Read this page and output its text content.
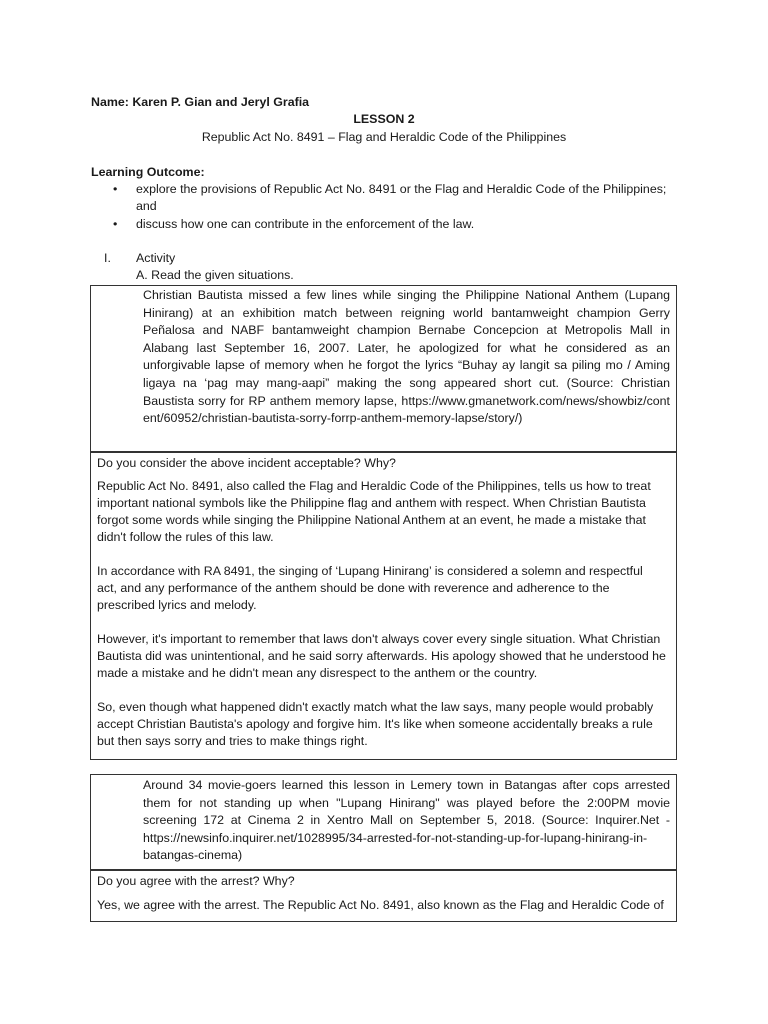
Name: Karen P. Gian and Jeryl Grafia
LESSON 2
Republic Act No. 8491 – Flag and Heraldic Code of the Philippines
Learning Outcome:
• explore the provisions of Republic Act No. 8491 or the Flag and Heraldic Code of the Philippines; and
• discuss how one can contribute in the enforcement of the law.
I. Activity
A. Read the given situations.
Christian Bautista missed a few lines while singing the Philippine National Anthem (Lupang Hinirang) at an exhibition match between reigning world bantamweight champion Gerry Peñalosa and NABF bantamweight champion Bernabe Concepcion at Metropolis Mall in Alabang last September 16, 2007. Later, he apologized for what he considered as an unforgivable lapse of memory when he forgot the lyrics “Buhay ay langit sa piling mo / Aming ligaya na ‘pag may mang-aapi” making the song appeared short cut. (Source: Christian Baustista sorry for RP anthem memory lapse, https://www.gmanetwork.com/news/showbiz/content/60952/christian-bautista-sorry-forrp-anthem-memory-lapse/story/)
Do you consider the above incident acceptable? Why?

Republic Act No. 8491, also called the Flag and Heraldic Code of the Philippines, tells us how to treat important national symbols like the Philippine flag and anthem with respect. When Christian Bautista forgot some words while singing the Philippine National Anthem at an event, he made a mistake that didn't follow the rules of this law.

In accordance with RA 8491, the singing of ‘Lupang Hinirang’ is considered a solemn and respectful act, and any performance of the anthem should be done with reverence and adherence to the prescribed lyrics and melody.

However, it's important to remember that laws don't always cover every single situation. What Christian Bautista did was unintentional, and he said sorry afterwards. His apology showed that he understood he made a mistake and he didn't mean any disrespect to the anthem or the country.

So, even though what happened didn't exactly match what the law says, many people would probably accept Christian Bautista's apology and forgive him. It's like when someone accidentally breaks a rule but then says sorry and tries to make things right.

Around 34 movie-goers learned this lesson in Lemery town in Batangas after cops arrested them for not standing up when "Lupang Hinirang" was played before the 2:00PM movie screening 172 at Cinema 2 in Xentro Mall on September 5, 2018. (Source: Inquirer.Net - https://newsinfo.inquirer.net/1028995/34-arrested-for-not-standing-up-for-lupang-hinirang-in-batangas-cinema)
Do you agree with the arrest? Why?

Yes, we agree with the arrest. The Republic Act No. 8491, also known as the Flag and Heraldic Code of
